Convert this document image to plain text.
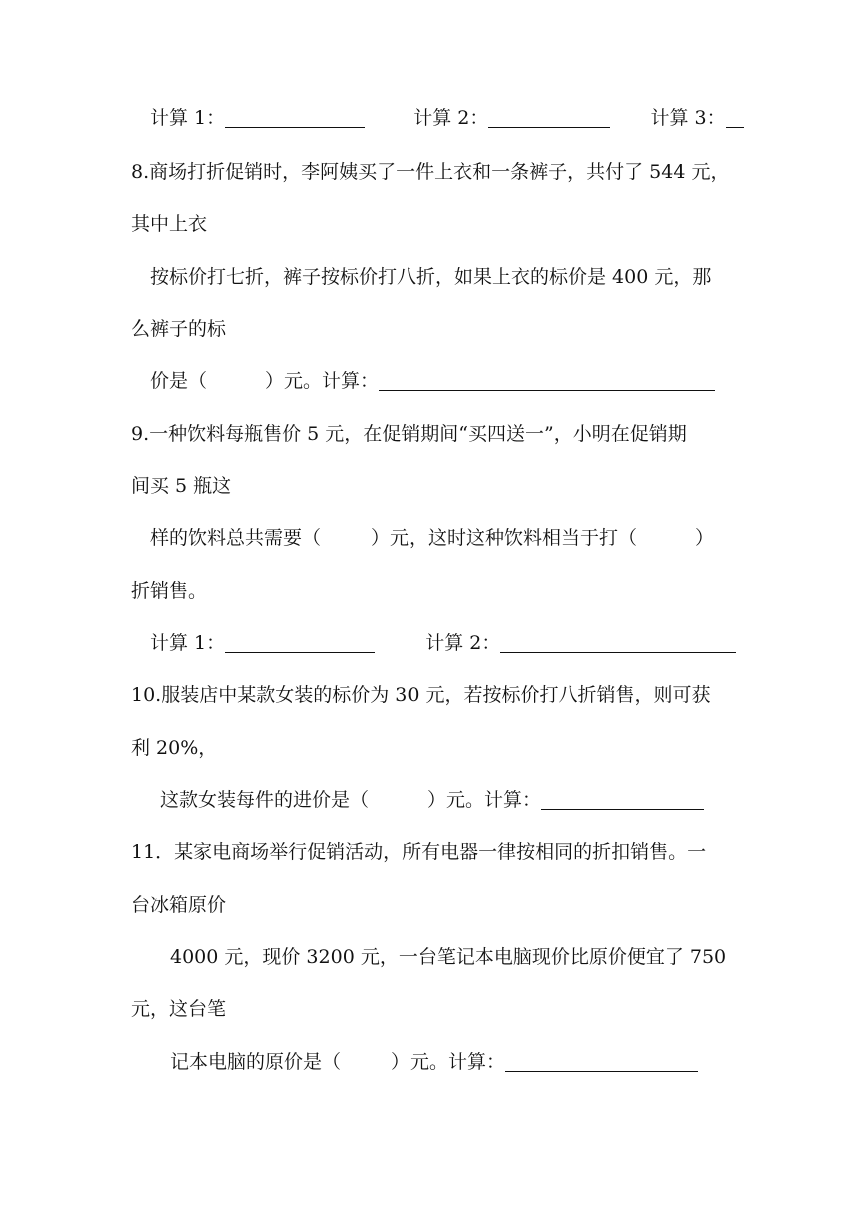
计算 1：	计算 2：	计算 3：
8.商场打折促销时，李阿姨买了一件上衣和一条裤子，共付了 544 元，
其中上衣
按标价打七折，裤子按标价打八折，如果上衣的标价是 400 元，那
么裤子的标
价是（	）元。计算：
9.一种饮料每瓶售价 5 元，在促销期间“买四送一”，小明在促销期
间买 5 瓶这
样的饮料总共需要（	）元，这时这种饮料相当于打（	）
折销售。
计算 1：	计算 2：
10.服装店中某款女装的标价为 30 元，若按标价打八折销售，则可获
利 20%，
这款女装每件的进价是（	）元。计算：
11．某家电商场举行促销活动，所有电器一律按相同的折扣销售。一
台冰箱原价
4000 元，现价 3200 元，一台笔记本电脑现价比原价便宜了 750
元，这台笔
记本电脑的原价是（	）元。计算：
